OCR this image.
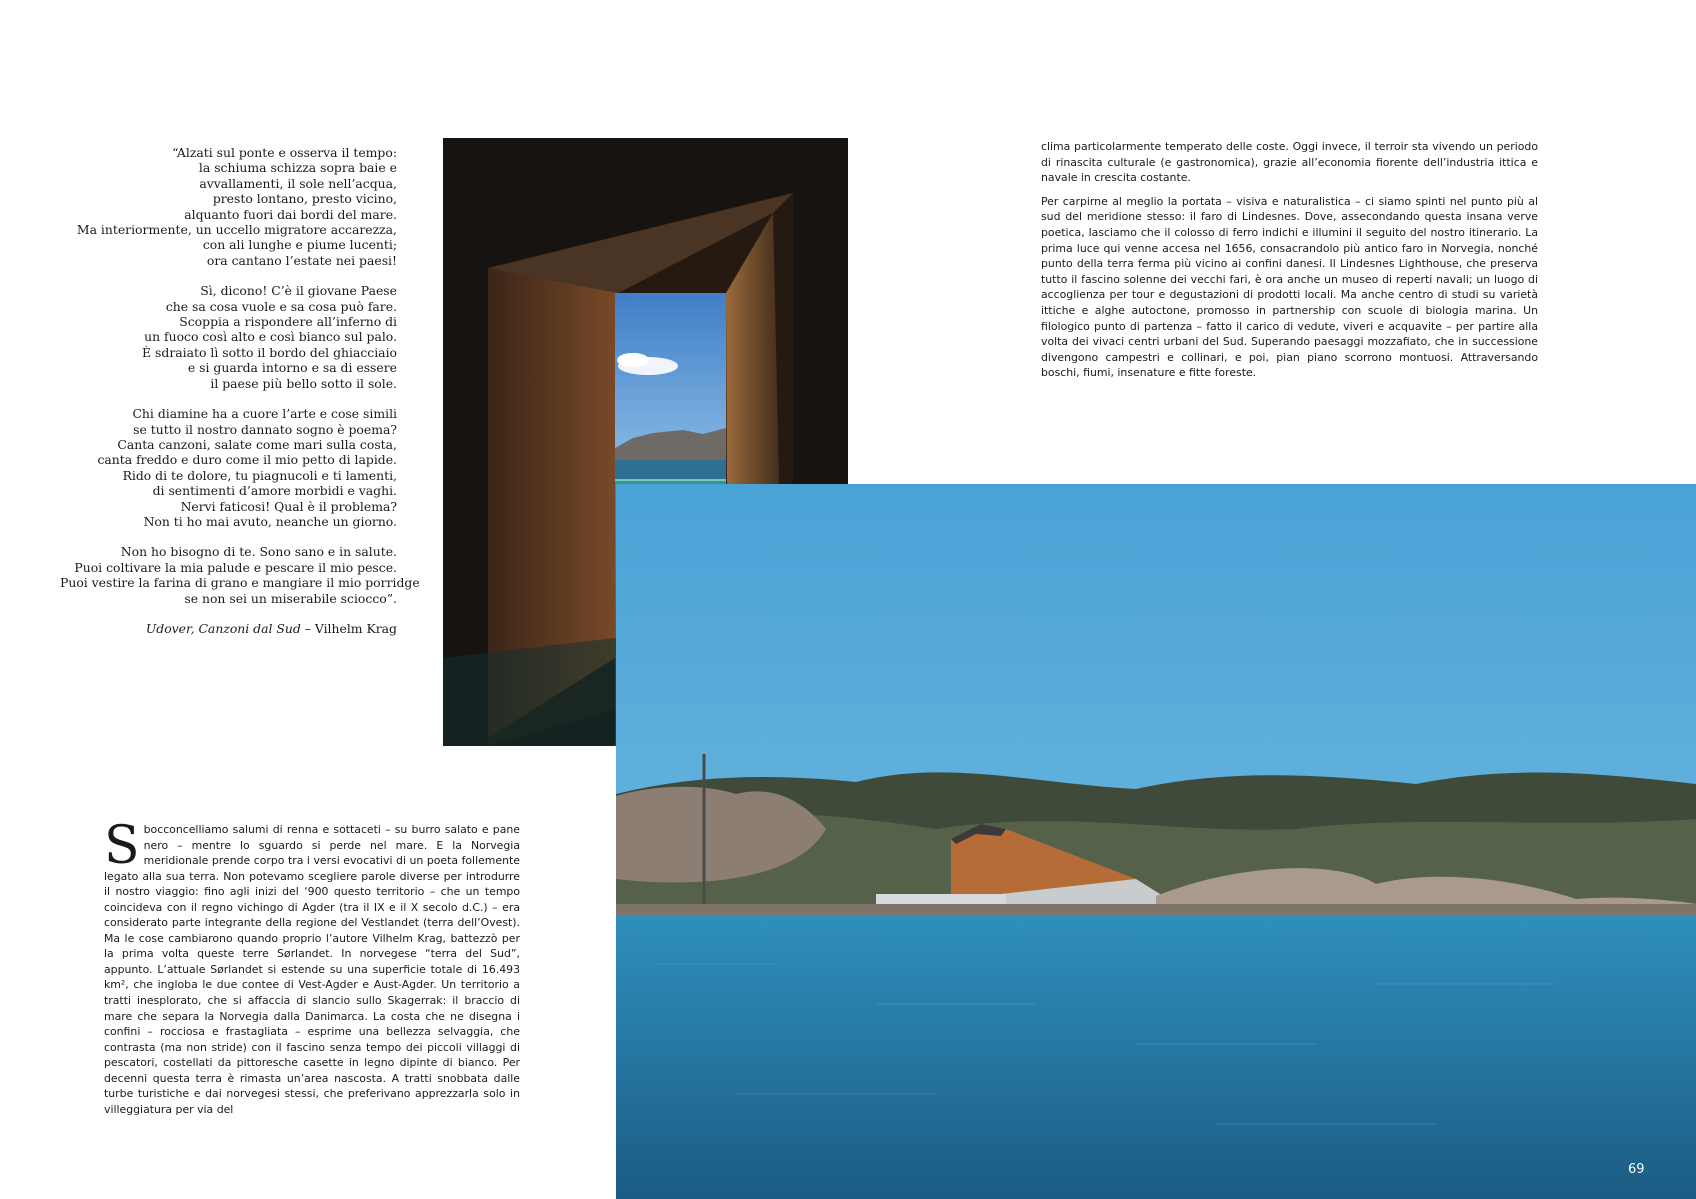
“Alzati sul ponte e osserva il tempo:
la schiuma schizza sopra baie e
avvallamenti, il sole nell’acqua,
presto lontano, presto vicino,
alquanto fuori dai bordi del mare.
Ma interiormente, un uccello migratore accarezza,
con ali lunghe e piume lucenti;
ora cantano l’estate nei paesi!
Sì, dicono! C’è il giovane Paese
che sa cosa vuole e sa cosa può fare.
Scoppia a rispondere all’inferno di
un fuoco così alto e così bianco sul palo.
È sdraiato lì sotto il bordo del ghiacciaio
e si guarda intorno e sa di essere
il paese più bello sotto il sole.
Chi diamine ha a cuore l’arte e cose simili
se tutto il nostro dannato sogno è poema?
Canta canzoni, salate come mari sulla costa,
canta freddo e duro come il mio petto di lapide.
Rido di te dolore, tu piagnucoli e ti lamenti,
di sentimenti d’amore morbidi e vaghi.
Nervi faticosi! Qual è il problema?
Non ti ho mai avuto, neanche un giorno.
Non ho bisogno di te. Sono sano e in salute.
Puoi coltivare la mia palude e pescare il mio pesce.
Puoi vestire la farina di grano e mangiare il mio porridge
se non sei un miserabile sciocco”.
Udover, Canzoni dal Sud – Vilhelm Krag

clima particolarmente temperato delle coste. Oggi invece, il terroir sta vivendo un periodo di rinascita culturale (e gastronomica), grazie all’economia fiorente dell’industria ittica e navale in crescita costante.

Per carpirne al meglio la portata – visiva e naturalistica – ci siamo spinti nel punto più al sud del meridione stesso: il faro di Lindesnes. Dove, assecondando questa insana verve poetica, lasciamo che il colosso di ferro indichi e illumini il seguito del nostro itinerario. La prima luce qui venne accesa nel 1656, consacrandolo più antico faro in Norvegia, nonché punto della terra ferma più vicino ai confini danesi. Il Lindesnes Lighthouse, che preserva tutto il fascino solenne dei vecchi fari, è ora anche un museo di reperti navali; un luogo di accoglienza per tour e degustazioni di prodotti locali. Ma anche centro di studi su varietà ittiche e alghe autoctone, promosso in partnership con scuole di biologia marina. Un filologico punto di partenza – fatto il carico di vedute, viveri e acquavite – per partire alla volta dei vivaci centri urbani del Sud. Superando paesaggi mozzafiato, che in successione divengono campestri e collinari, e poi, pian piano scorrono montuosi. Attraversando boschi, fiumi, insenature e fitte foreste.

69
S bocconcelliamo salumi di renna e sottaceti – su burro salato e pane nero – mentre lo sguardo si perde nel mare. E la Norvegia meridionale prende corpo tra i versi evocativi di un poeta follemente legato alla sua terra. Non potevamo scegliere parole diverse per introdurre il nostro viaggio: fino agli inizi del ‘900 questo territorio – che un tempo coincideva con il regno vichingo di Agder (tra il IX e il X secolo d.C.) – era considerato parte integrante della regione del Vestlandet (terra dell’Ovest). Ma le cose cambiarono quando proprio l’autore Vilhelm Krag, battezzò per la prima volta queste terre Sørlandet. In norvegese “terra del Sud”, appunto. L’attuale Sørlandet si estende su una superficie totale di 16.493 km², che ingloba le due contee di Vest-Agder e Aust-Agder. Un territorio a tratti inesplorato, che si affaccia di slancio sullo Skagerrak: il braccio di mare che separa la Norvegia dalla Danimarca. La costa che ne disegna i confini – rocciosa e frastagliata – esprime una bellezza selvaggia, che contrasta (ma non stride) con il fascino senza tempo dei piccoli villaggi di pescatori, costellati da pittoresche casette in legno dipinte di bianco. Per decenni questa terra è rimasta un’area nascosta. A tratti snobbata dalle turbe turistiche e dai norvegesi stessi, che preferivano apprezzarla solo in villeggiatura per via del
